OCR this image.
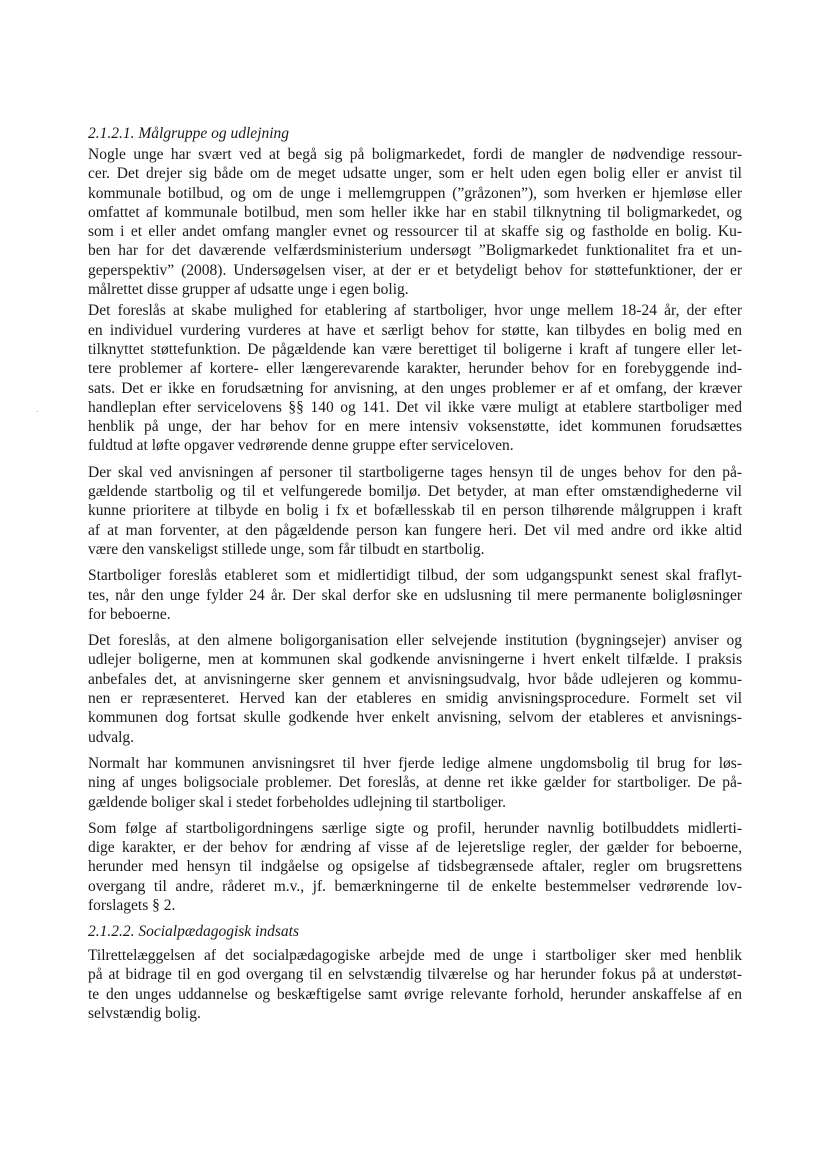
2.1.2.1. Målgruppe og udlejning

Nogle unge har svært ved at begå sig på boligmarkedet, fordi de mangler de nødvendige ressour-
cer. Det drejer sig både om de meget udsatte unger, som er helt uden egen bolig eller er anvist til
kommunale botilbud, og om de unge i mellemgruppen (”gråzonen”), som hverken er hjemløse eller
omfattet af kommunale botilbud, men som heller ikke har en stabil tilknytning til boligmarkedet, og
som i et eller andet omfang mangler evnet og ressourcer til at skaffe sig og fastholde en bolig. Ku-
ben har for det daværende velfærdsministerium undersøgt ”Boligmarkedet funktionalitet fra et un-
geperspektiv” (2008). Undersøgelsen viser, at der er et betydeligt behov for støttefunktioner, der er
målrettet disse grupper af udsatte unge i egen bolig.
Det foreslås at skabe mulighed for etablering af startboliger, hvor unge mellem 18-24 år, der efter
en individuel vurdering vurderes at have et særligt behov for støtte, kan tilbydes en bolig med en
tilknyttet støttefunktion. De pågældende kan være berettiget til boligerne i kraft af tungere eller let-
tere problemer af kortere- eller længerevarende karakter, herunder behov for en forebyggende ind-
sats. Det er ikke en forudsætning for anvisning, at den unges problemer er af et omfang, der kræver
handleplan efter servicelovens §§ 140 og 141. Det vil ikke være muligt at etablere startboliger med
henblik på unge, der har behov for en mere intensiv voksenstøtte, idet kommunen forudsættes
fuldtud at løfte opgaver vedrørende denne gruppe efter serviceloven.
Der skal ved anvisningen af personer til startboligerne tages hensyn til de unges behov for den på-
gældende startbolig og til et velfungerede bomiljø. Det betyder, at man efter omstændighederne vil
kunne prioritere at tilbyde en bolig i fx et bofællesskab til en person tilhørende målgruppen i kraft
af at man forventer, at den pågældende person kan fungere heri. Det vil med andre ord ikke altid
være den vanskeligst stillede unge, som får tilbudt en startbolig.
Startboliger foreslås etableret som et midlertidigt tilbud, der som udgangspunkt senest skal fraflyt-
tes, når den unge fylder 24 år. Der skal derfor ske en udslusning til mere permanente boligløsninger
for beboerne.
Det foreslås, at den almene boligorganisation eller selvejende institution (bygningsejer) anviser og
udlejer boligerne, men at kommunen skal godkende anvisningerne i hvert enkelt tilfælde. I praksis
anbefales det, at anvisningerne sker gennem et anvisningsudvalg, hvor både udlejeren og kommu-
nen er repræsenteret. Herved kan der etableres en smidig anvisningsprocedure. Formelt set vil
kommunen dog fortsat skulle godkende hver enkelt anvisning, selvom der etableres et anvisnings-
udvalg.
Normalt har kommunen anvisningsret til hver fjerde ledige almene ungdomsbolig til brug for løs-
ning af unges boligsociale problemer. Det foreslås, at denne ret ikke gælder for startboliger. De på-
gældende boliger skal i stedet forbeholdes udlejning til startboliger.
Som følge af startboligordningens særlige sigte og profil, herunder navnlig botilbuddets midlerti-
dige karakter, er der behov for ændring af visse af de lejeretslige regler, der gælder for beboerne,
herunder med hensyn til indgåelse og opsigelse af tidsbegrænsede aftaler, regler om brugsrettens
overgang til andre, råderet m.v., jf. bemærkningerne til de enkelte bestemmelser vedrørende lov-
forslagets § 2.

2.1.2.2. Socialpædagogisk indsats

Tilrettelæggelsen af det socialpædagogiske arbejde med de unge i startboliger sker med henblik
på at bidrage til en god overgang til en selvstændig tilværelse og har herunder fokus på at understøt-
te den unges uddannelse og beskæftigelse samt øvrige relevante forhold, herunder anskaffelse af en
selvstændig bolig.
.
